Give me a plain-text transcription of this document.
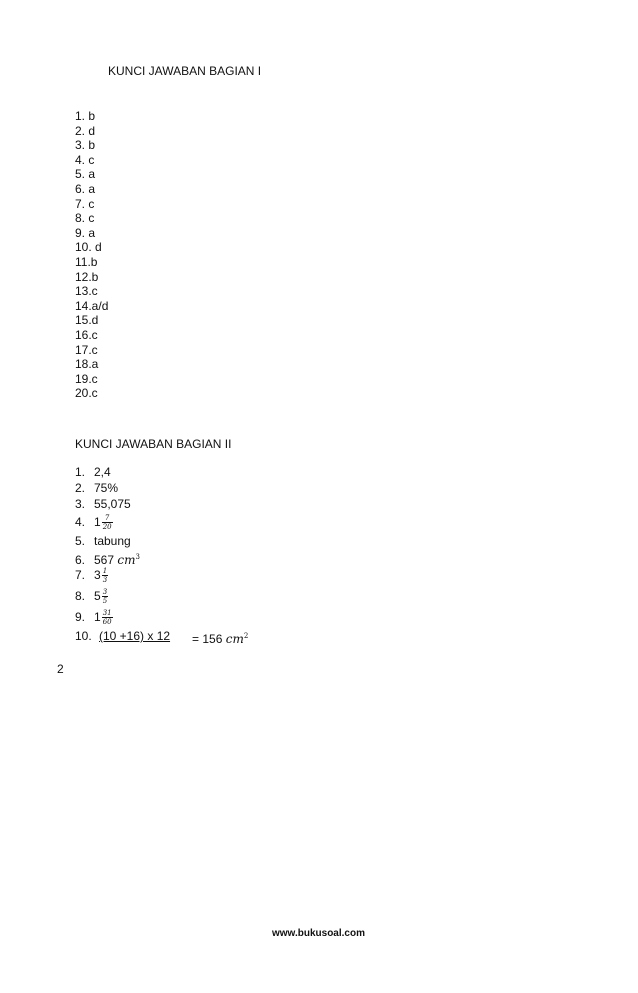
KUNCI JAWABAN BAGIAN I
1. b
2. d
3. b
4. c
5. a
6. a
7. c
8. c
9. a
10. d
11.b
12.b
13.c
14.a/d
15.d
16.c
17.c
18.a
19.c
20.c
KUNCI JAWABAN BAGIAN II
1. 2,4
2. 75%
3. 55,075
4. $1 \frac{7}{20}$
5. tabung
6. 567 $cm^3$
7. $3 \frac{1}{3}$
8. $5 \frac{3}{5}$
9. $1 \frac{31}{60}$
10. (10 +16) x 12 = 156 $cm^2$
2
www.bukusoal.com
